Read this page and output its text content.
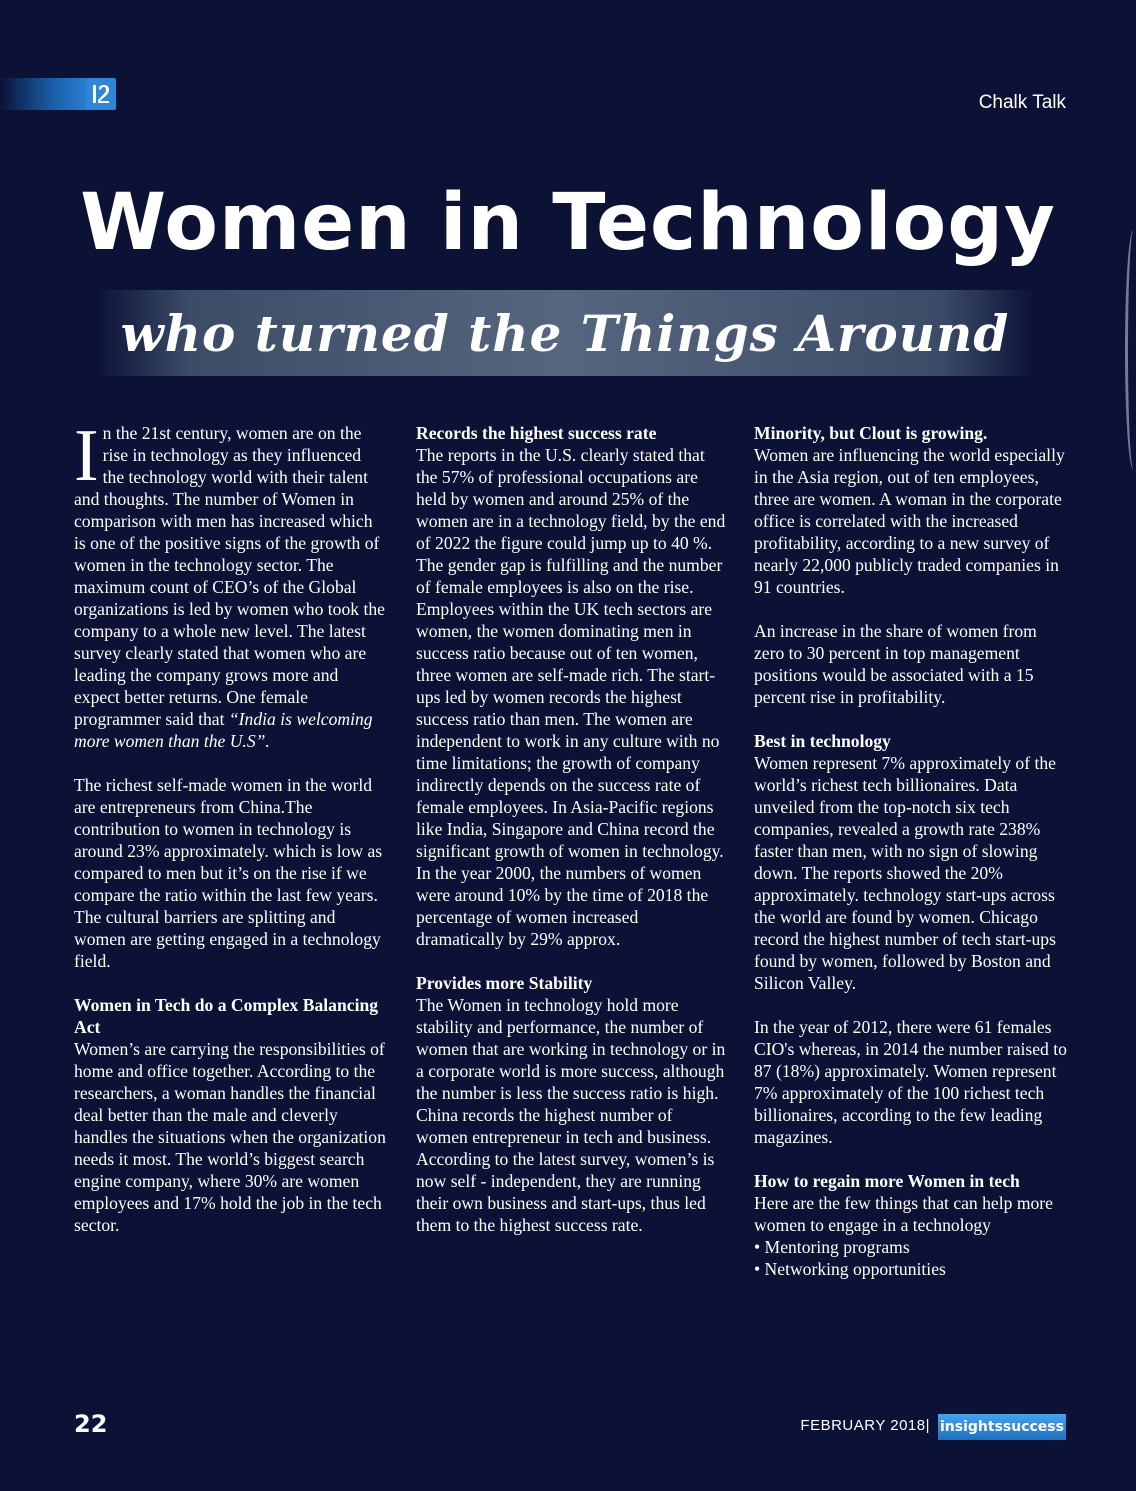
Chalk Talk
Women in Technology
who turned the Things Around

In the 21st century, women are on the rise in technology as they influenced the technology world with their talent and thoughts. The number of Women in comparison with men has increased which is one of the positive signs of the growth of women in the technology sector. The maximum count of CEO’s of the Global organizations is led by women who took the company to a whole new level. The latest survey clearly stated that women who are leading the company grows more and expect better returns. One female programmer said that “India is welcoming more women than the U.S”.

The richest self-made women in the world are entrepreneurs from China.The contribution to women in technology is around 23% approximately. which is low as compared to men but it’s on the rise if we compare the ratio within the last few years. The cultural barriers are splitting and women are getting engaged in a technology field.

Women in Tech do a Complex Balancing Act

Women’s are carrying the responsibilities of home and office together. According to the researchers, a woman handles the financial deal better than the male and cleverly handles the situations when the organization needs it most. The world’s biggest search engine company, where 30% are women employees and 17% hold the job in the tech sector.

Records the highest success rate

The reports in the U.S. clearly stated that the 57% of professional occupations are held by women and around 25% of the women are in a technology field, by the end of 2022 the figure could jump up to 40 %. The gender gap is fulfilling and the number of female employees is also on the rise. Employees within the UK tech sectors are women, the women dominating men in success ratio because out of ten women, three women are self-made rich. The start-ups led by women records the highest success ratio than men. The women are independent to work in any culture with no time limitations; the growth of company indirectly depends on the success rate of female employees. In Asia-Pacific regions like India, Singapore and China record the significant growth of women in technology. In the year 2000, the numbers of women were around 10% by the time of 2018 the percentage of women increased dramatically by 29% approx.

Provides more Stability

The Women in technology hold more stability and performance, the number of women that are working in technology or in a corporate world is more success, although the number is less the success ratio is high. China records the highest number of women entrepreneur in tech and business. According to the latest survey, women’s is now self - independent, they are running their own business and start-ups, thus led them to the highest success rate.

Minority, but Clout is growing.

Women are influencing the world especially in the Asia region, out of ten employees, three are women. A woman in the corporate office is correlated with the increased profitability, according to a new survey of nearly 22,000 publicly traded companies in 91 countries.

An increase in the share of women from zero to 30 percent in top management positions would be associated with a 15 percent rise in profitability.

Best in technology

Women represent 7% approximately of the world’s richest tech billionaires. Data unveiled from the top-notch six tech companies, revealed a growth rate 238% faster than men, with no sign of slowing down. The reports showed the 20% approximately. technology start-ups across the world are found by women. Chicago record the highest number of tech start-ups found by women, followed by Boston and Silicon Valley.

In the year of 2012, there were 61 females CIO's whereas, in 2014 the number raised to 87 (18%) approximately. Women represent 7% approximately of the 100 richest tech billionaires, according to the few leading magazines.

How to regain more Women in tech

Here are the few things that can help more women to engage in a technology

• Mentoring programs
• Networking opportunities
22	FEBRUARY 2018| insightssuccess
